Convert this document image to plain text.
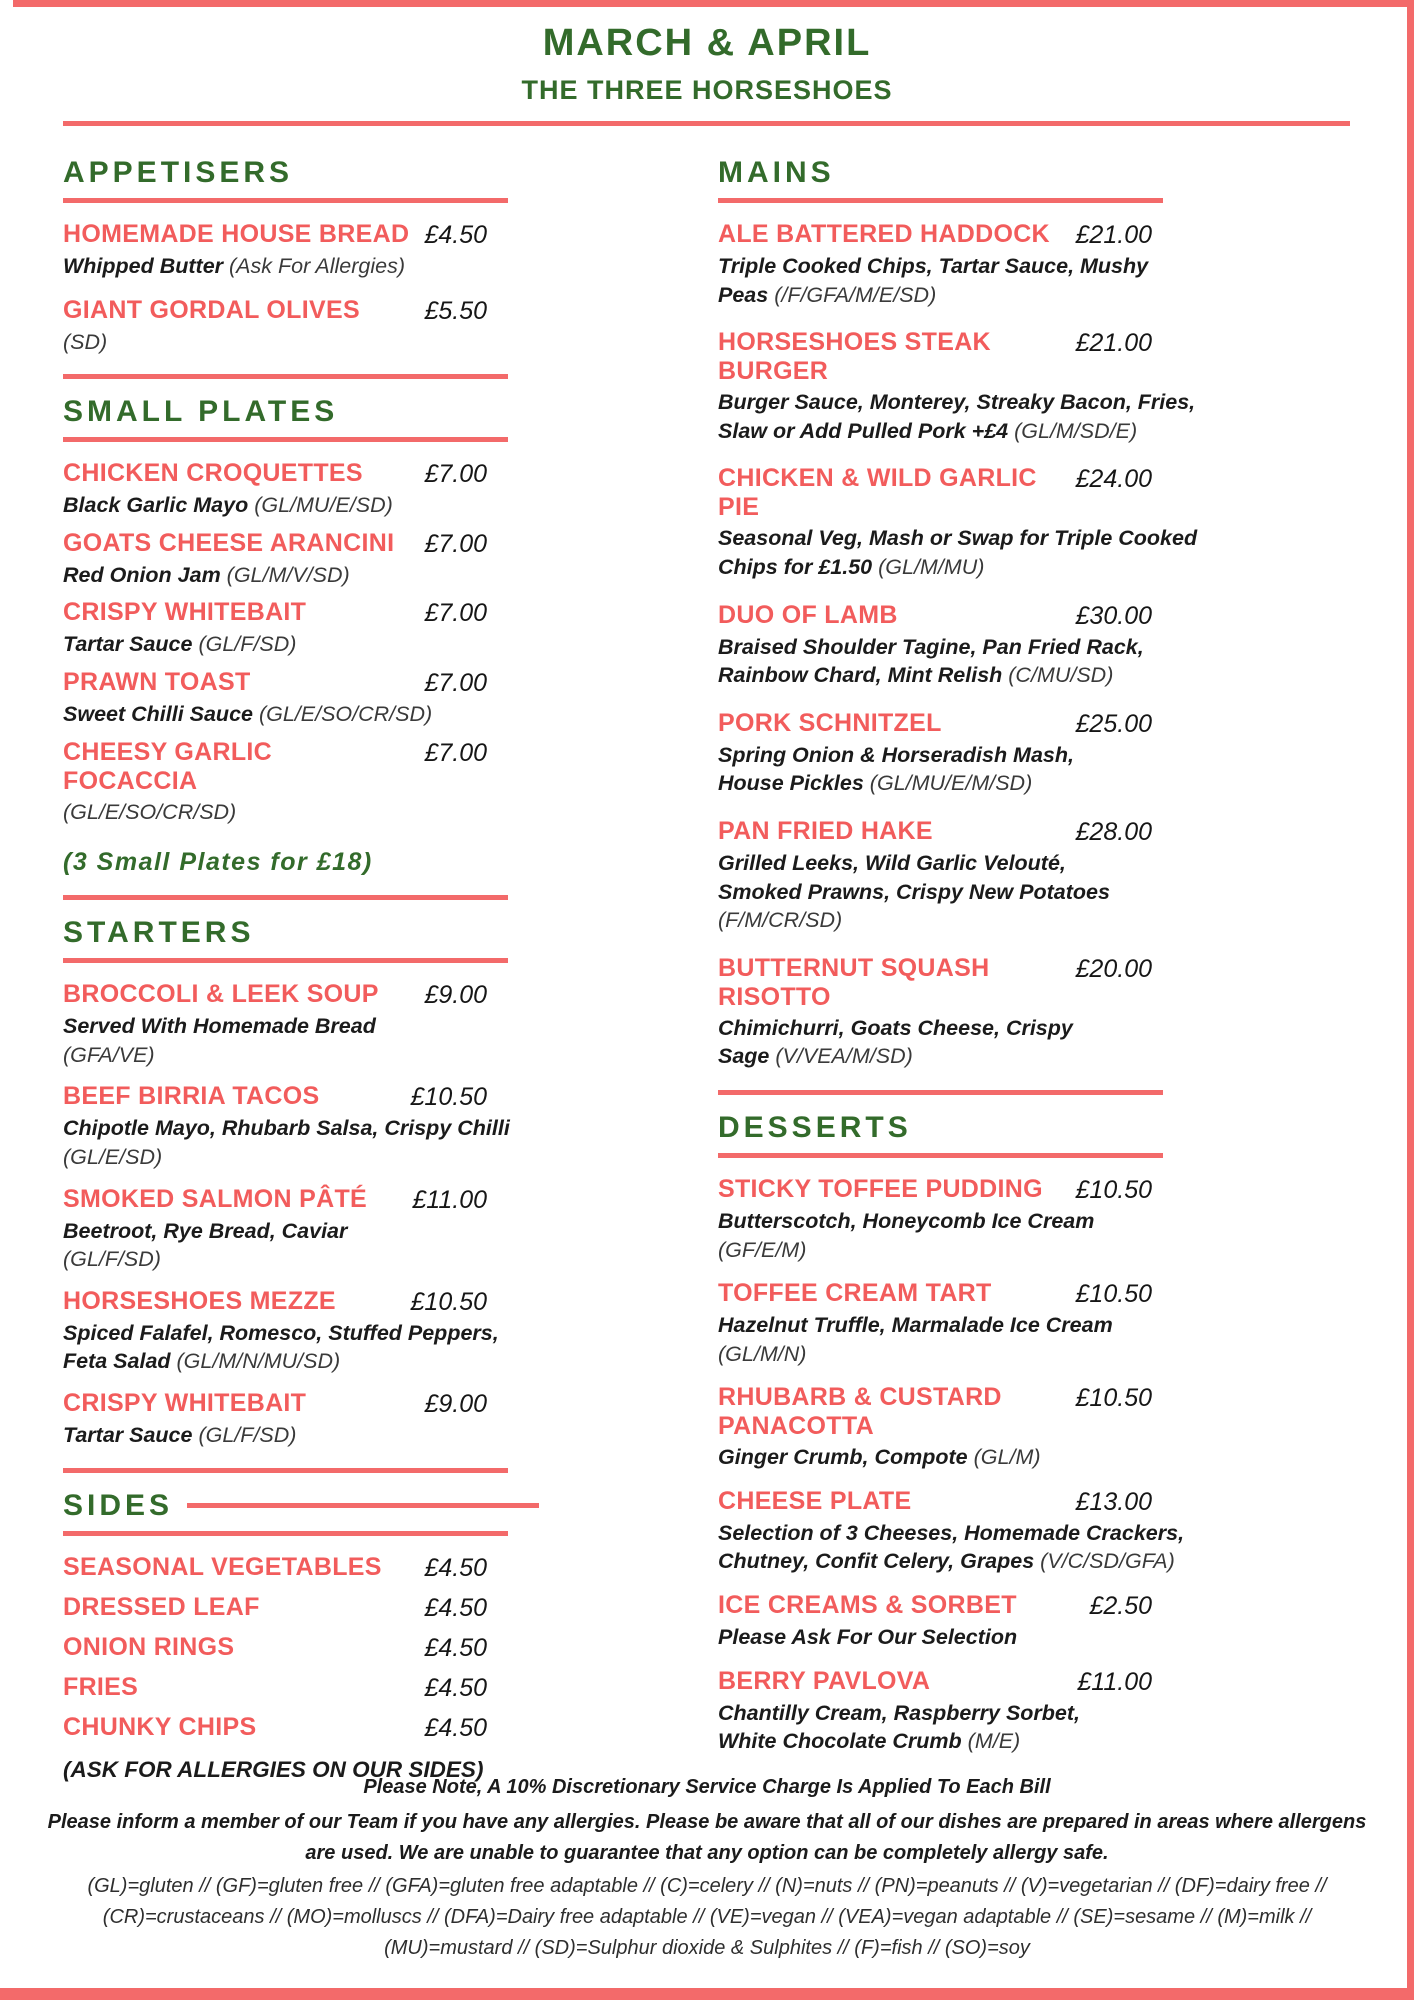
MARCH & APRIL
THE THREE HORSESHOES
APPETISERS
HOMEMADE HOUSE BREAD £4.50
Whipped Butter (Ask For Allergies)
GIANT GORDAL OLIVES	£5.50
(SD)
SMALL PLATES
CHICKEN CROQUETTES	£7.00
Black Garlic Mayo (GL/MU/E/SD)
GOATS CHEESE ARANCINI	£7.00
Red Onion Jam (GL/M/V/SD)
CRISPY WHITEBAIT	£7.00
Tartar Sauce (GL/F/SD)
PRAWN TOAST	£7.00
Sweet Chilli Sauce (GL/E/SO/CR/SD)
CHEESY GARLIC FOCACCIA
£7.00
(GL/E/SO/CR/SD)
(3 Small Plates for £18)
STARTERS
BROCCOLI & LEEK SOUP	£9.00
Served With Homemade Bread
(GFA/VE)
BEEF BIRRIA TACOS	£10.50
Chipotle Mayo, Rhubarb Salsa, Crispy Chilli
(GL/E/SD)
SMOKED SALMON PÂTÉ	£11.00
Beetroot, Rye Bread, Caviar
(GL/F/SD)
HORSESHOES MEZZE	£10.50
Spiced Falafel, Romesco, Stuffed Peppers,
Feta Salad (GL/M/N/MU/SD)
CRISPY WHITEBAIT	£9.00
Tartar Sauce (GL/F/SD)
SIDES
SEASONAL VEGETABLES	£4.50
DRESSED LEAF	£4.50
ONION RINGS	£4.50
FRIES	£4.50
CHUNKY CHIPS	£4.50
(ASK FOR ALLERGIES ON OUR SIDES)
MAINS
ALE BATTERED HADDOCK	£21.00
Triple Cooked Chips, Tartar Sauce, Mushy
Peas (/F/GFA/M/E/SD)
HORSESHOES STEAK BURGER
£21.00
Burger Sauce, Monterey, Streaky Bacon, Fries,
Slaw or Add Pulled Pork +£4 (GL/M/SD/E)
CHICKEN & WILD GARLIC PIE
£24.00
Seasonal Veg, Mash or Swap for Triple Cooked
Chips for £1.50 (GL/M/MU)
DUO OF LAMB	£30.00
Braised Shoulder Tagine, Pan Fried Rack,
Rainbow Chard, Mint Relish (C/MU/SD)
PORK SCHNITZEL	£25.00
Spring Onion & Horseradish Mash,
House Pickles (GL/MU/E/M/SD)
PAN FRIED HAKE	£28.00
Grilled Leeks, Wild Garlic Velouté,
Smoked Prawns, Crispy New Potatoes
(F/M/CR/SD)
BUTTERNUT SQUASH RISOTTO
£20.00
Chimichurri, Goats Cheese, Crispy
Sage (V/VEA/M/SD)
DESSERTS
STICKY TOFFEE PUDDING	£10.50
Butterscotch, Honeycomb Ice Cream
(GF/E/M)
TOFFEE CREAM TART	£10.50
Hazelnut Truffle, Marmalade Ice Cream
(GL/M/N)
RHUBARB & CUSTARD PANACOTTA
£10.50
Ginger Crumb, Compote (GL/M)
CHEESE PLATE	£13.00
Selection of 3 Cheeses, Homemade Crackers,
Chutney, Confit Celery, Grapes (V/C/SD/GFA)
ICE CREAMS & SORBET	£2.50
Please Ask For Our Selection
BERRY PAVLOVA	£11.00
Chantilly Cream, Raspberry Sorbet,
White Chocolate Crumb (M/E)

Please Note, A 10% Discretionary Service Charge Is Applied To Each Bill

Please inform a member of our Team if you have any allergies. Please be aware that all of our dishes are prepared in areas where allergens are used. We are unable to guarantee that any option can be completely allergy safe.

(GL)=gluten // (GF)=gluten free // (GFA)=gluten free adaptable // (C)=celery // (N)=nuts // (PN)=peanuts // (V)=vegetarian // (DF)=dairy free // (CR)=crustaceans // (MO)=molluscs // (DFA)=Dairy free adaptable // (VE)=vegan // (VEA)=vegan adaptable // (SE)=sesame // (M)=milk // (MU)=mustard // (SD)=Sulphur dioxide & Sulphites // (F)=fish // (SO)=soy
